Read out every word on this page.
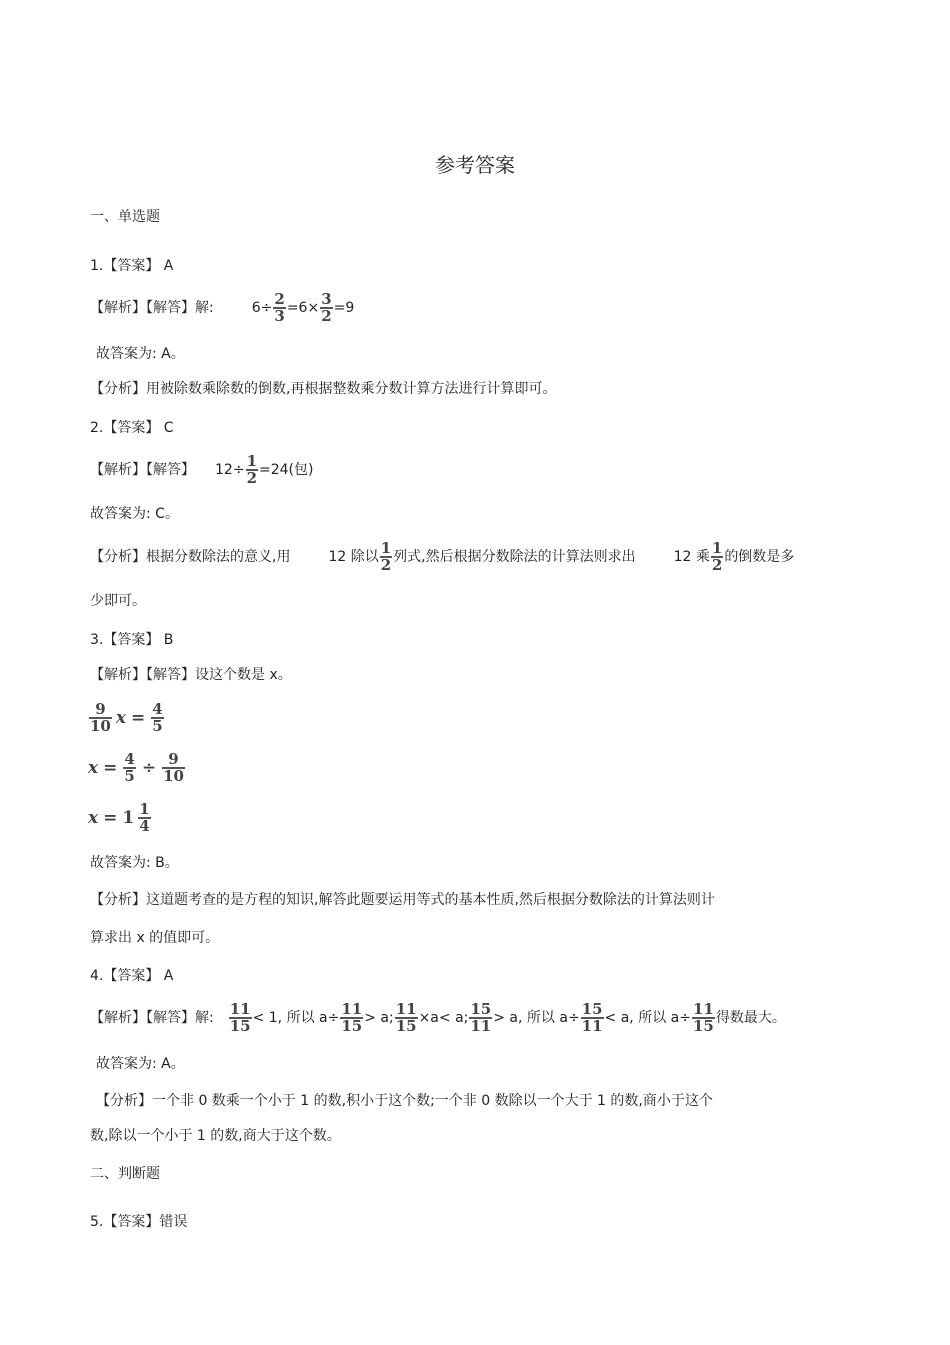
参考答案
一、单选题
1.【答案】 A
【解析】【解答】解:	$6 \div \frac{2}{3} =6 \times \frac{3}{2} =9$
故答案为: A。
【分析】用被除数乘除数的倒数,再根据整数乘分数计算方法进行计算即可。
2.【答案】 C
【解析】【解答】 $12 \div \frac{1}{2} =24$(包)
故答案为: C。
【分析】根据分数除法的意义,用	12 除以 $\frac{1}{2}$ 列式,然后根据分数除法的计算法则求出	12 乘 $\frac{1}{2}$ 的倒数是多
少即可。
3.【答案】 B
【解析】【解答】设这个数是 x。
$\frac{9}{10}$ $x = \frac{4}{5}$
$x = \frac{4}{5} \div \frac{9}{10}$
$x = 1 \frac{1}{4}$
故答案为: B。
【分析】这道题考查的是方程的知识,解答此题要运用等式的基本性质,然后根据分数除法的计算法则计
算求出 x 的值即可。
4.【答案】 A
【解析】【解答】解: $\frac{11}{15} < 1$, 所以 $a\div \frac{11}{15} > a$; $\frac{11}{15} \times a< a$; $\frac{15}{11} > a$, 所以 $a\div \frac{15}{11} < a$, 所以 $a\div \frac{11}{15}$ 得数最大。
故答案为: A。
【分析】一个非 0 数乘一个小于 1 的数,积小于这个数;一个非 0 数除以一个大于 1 的数,商小于这个
数,除以一个小于 1 的数,商大于这个数。
二、判断题
5.【答案】错误
